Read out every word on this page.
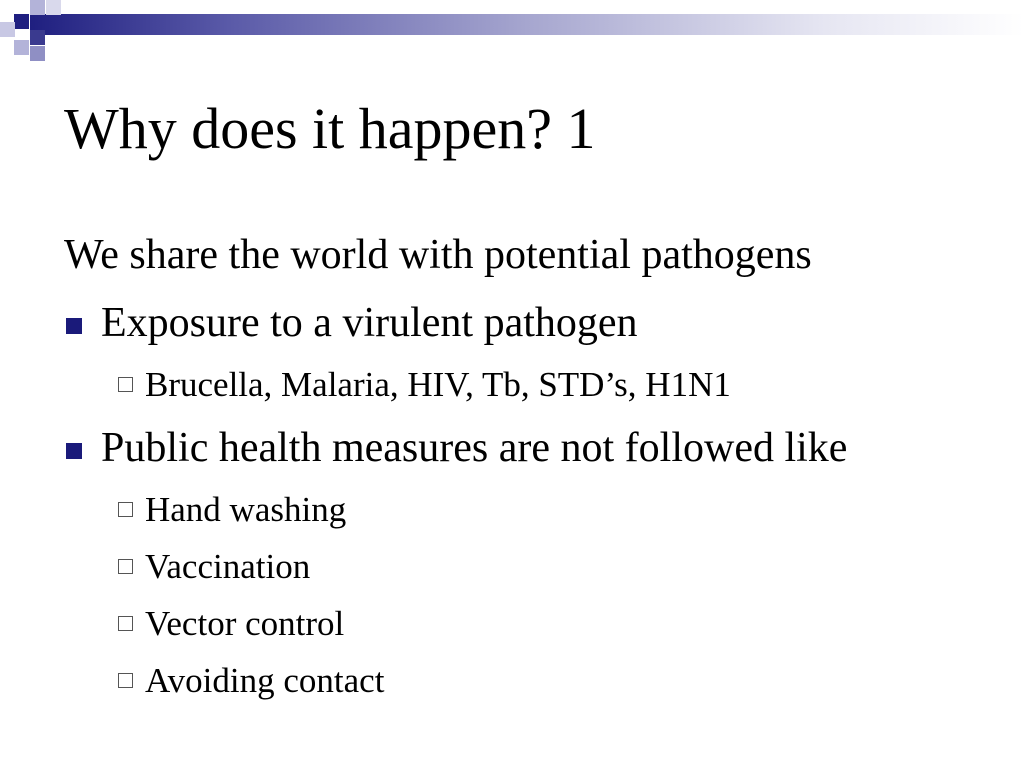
Why does it happen? 1
We share the world with potential pathogens
Exposure to a virulent pathogen
Brucella, Malaria, HIV, Tb, STD’s, H1N1
Public health measures are not followed like
Hand washing
Vaccination
Vector control
Avoiding contact
